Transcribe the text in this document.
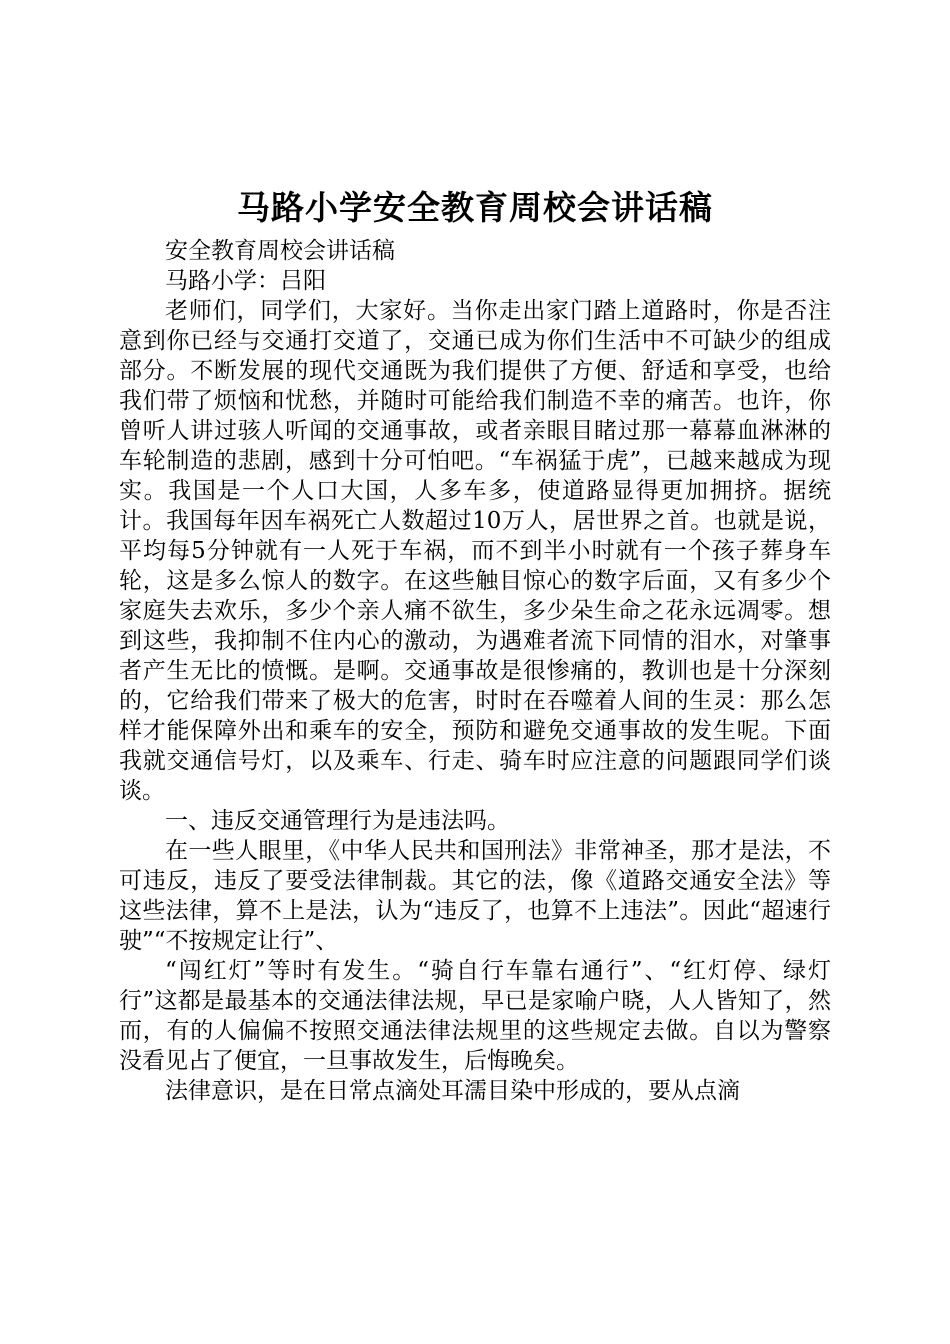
马路小学安全教育周校会讲话稿

安全教育周校会讲话稿

马路小学：吕阳

老师们，同学们，大家好。当你走出家门踏上道路时，你是否注意到你已经与交通打交道了，交通已成为你们生活中不可缺少的组成部分。不断发展的现代交通既为我们提供了方便、舒适和享受，也给我们带了烦恼和忧愁，并随时可能给我们制造不幸的痛苦。也许，你曾听人讲过骇人听闻的交通事故，或者亲眼目睹过那一幕幕血淋淋的车轮制造的悲剧，感到十分可怕吧。“车祸猛于虎”，已越来越成为现实。我国是一个人口大国，人多车多，使道路显得更加拥挤。据统计。我国每年因车祸死亡人数超过10万人，居世界之首。也就是说，平均每5分钟就有一人死于车祸，而不到半小时就有一个孩子葬身车轮，这是多么惊人的数字。在这些触目惊心的数字后面，又有多少个家庭失去欢乐，多少个亲人痛不欲生，多少朵生命之花永远凋零。想到这些，我抑制不住内心的激动，为遇难者流下同情的泪水，对肇事者产生无比的愤慨。是啊。交通事故是很惨痛的，教训也是十分深刻的，它给我们带来了极大的危害，时时在吞噬着人间的生灵：那么怎样才能保障外出和乘车的安全，预防和避免交通事故的发生呢。下面我就交通信号灯，以及乘车、行走、骑车时应注意的问题跟同学们谈谈。

一、违反交通管理行为是违法吗。

在一些人眼里，《中华人民共和国刑法》非常神圣，那才是法，不可违反，违反了要受法律制裁。其它的法，像《道路交通安全法》等这些法律，算不上是法，认为“违反了，也算不上违法”。因此“超速行驶”“不按规定让行”、

“闯红灯”等时有发生。“骑自行车靠右通行”、“红灯停、绿灯行”这都是最基本的交通法律法规，早已是家喻户晓，人人皆知了，然而，有的人偏偏不按照交通法律法规里的这些规定去做。自以为警察没看见占了便宜，一旦事故发生，后悔晚矣。

法律意识，是在日常点滴处耳濡目染中形成的，要从点滴
